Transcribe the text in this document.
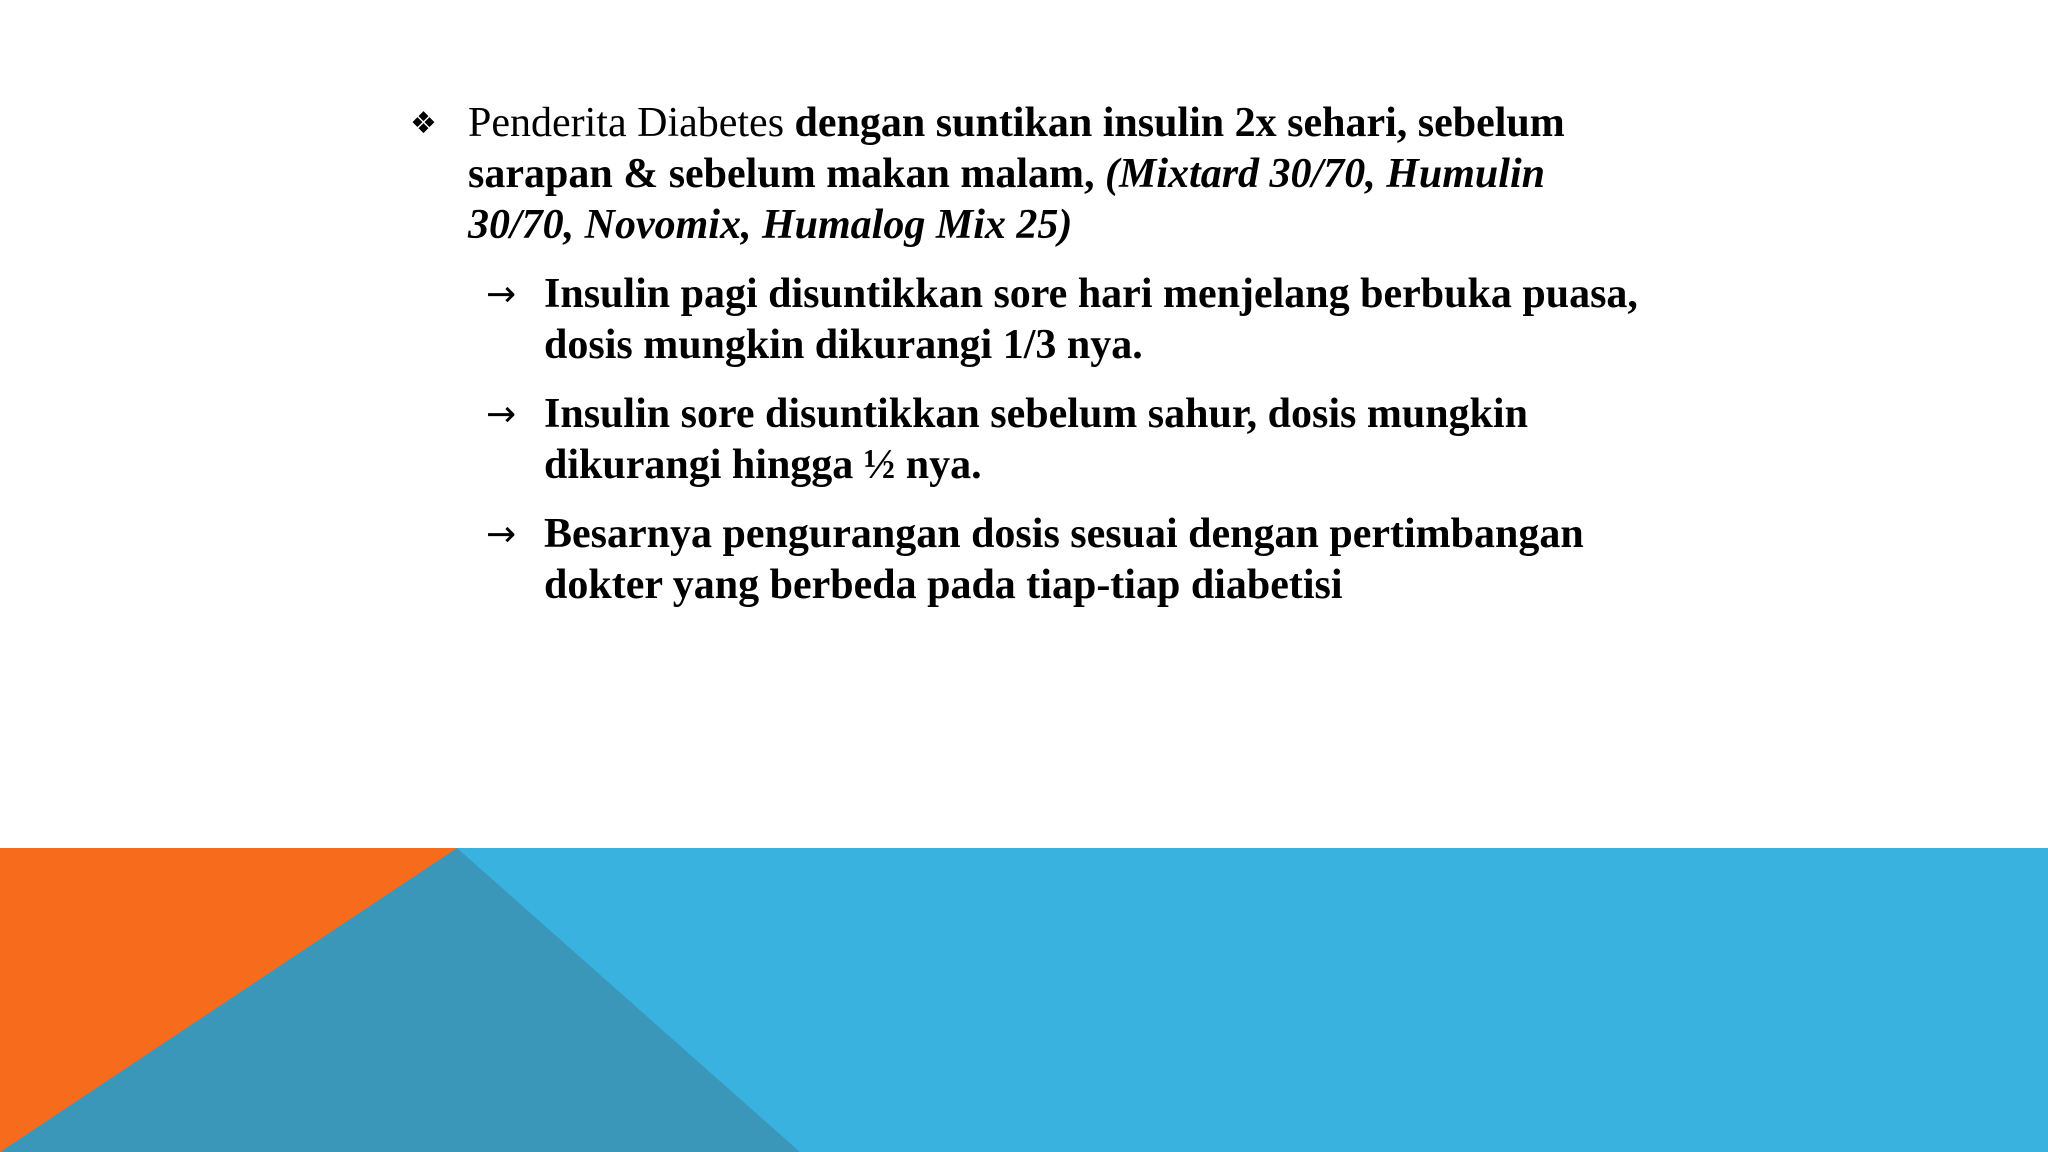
❖ Penderita Diabetes dengan suntikan insulin 2x sehari, sebelum sarapan & sebelum makan malam, (Mixtard 30/70, Humulin 30/70, Novomix, Humalog Mix 25)
→ Insulin pagi disuntikkan sore hari menjelang berbuka puasa, dosis mungkin dikurangi 1/3 nya.
→ Insulin sore disuntikkan sebelum sahur, dosis mungkin dikurangi hingga ½ nya.
→ Besarnya pengurangan dosis sesuai dengan pertimbangan dokter yang berbeda pada tiap-tiap diabetisi
